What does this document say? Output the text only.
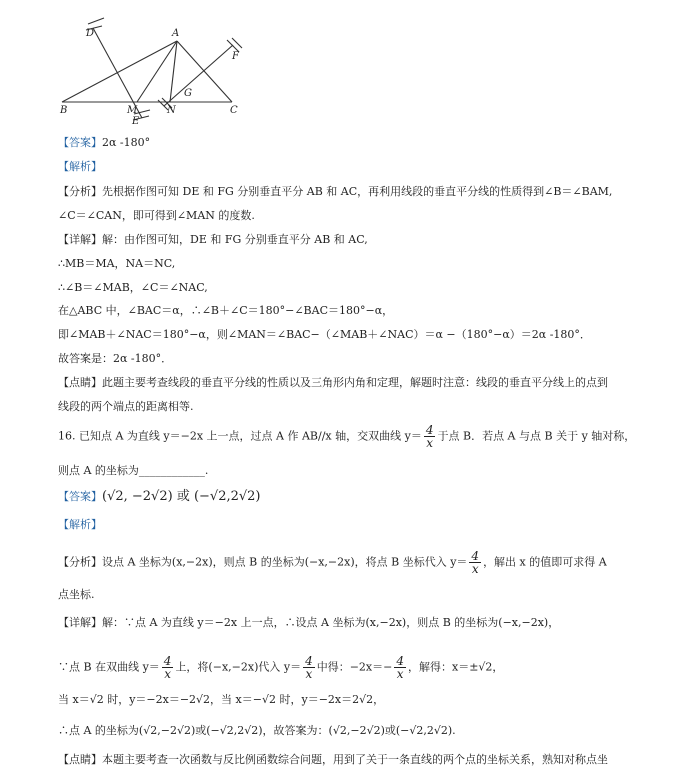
A
B	C
D
E
F
G
M	N
【答案】2α -180°
【解析】
【分析】先根据作图可知 DE 和 FG 分别垂直平分 AB 和 AC，再利用线段的垂直平分线的性质得到∠B＝∠BAM,
∠C＝∠CAN，即可得到∠MAN 的度数.
【详解】解：由作图可知，DE 和 FG 分别垂直平分 AB 和 AC,
∴MB＝MA，NA＝NC,
∴∠B＝∠MAB，∠C＝∠NAC,
在△ABC 中，∠BAC＝α，∴∠B＋∠C＝180°−∠BAC＝180°−α，
即∠MAB＋∠NAC＝180°−α，则∠MAN＝∠BAC−（∠MAB＋∠NAC）＝α −（180°−α）＝2α -180°．
故答案是：2α -180°．
【点睛】此题主要考查线段的垂直平分线的性质以及三角形内角和定理，解题时注意：线段的垂直平分线上的点到
线段的两个端点的距离相等.
16. 已知点 A 为直线 y＝−2x 上一点，过点 A 作 AB//x 轴，交双曲线 $y= \frac{4}{x}$ 于点 B．若点 A 与点 B 关于 y 轴对称，
则点 A 的坐标为____________.
【答案】(√2, −2√2) 或 (−√2,2√2)
【解析】
【分析】设点 A 坐标为(x,−2x)，则点 B 的坐标为(−x,−2x)，将点 B 坐标代入 $y= \frac{4}{x}$ ，解出 x 的值即可求得 A
点坐标.
【详解】解：∵点 A 为直线 y＝−2x 上一点，∴设点 A 坐标为(x,−2x)，则点 B 的坐标为(−x,−2x)，
∵点 B 在双曲线 $y= \frac{4}{x}$ 上，将(−x,−2x)代入 $y= \frac{4}{x}$ 中得：$-2x=- \frac{4}{x}$ ，解得：x＝±√2，
当 x＝√2 时，y＝−2x＝−2√2，当 x＝−√2 时，y＝−2x＝2√2，
∴点 A 的坐标为(√2,−2√2)或(−√2,2√2)，故答案为：(√2,−2√2)或(−√2,2√2).
【点睛】本题主要考查一次函数与反比例函数综合问题，用到了关于一条直线的两个点的坐标关系，熟知对称点坐
